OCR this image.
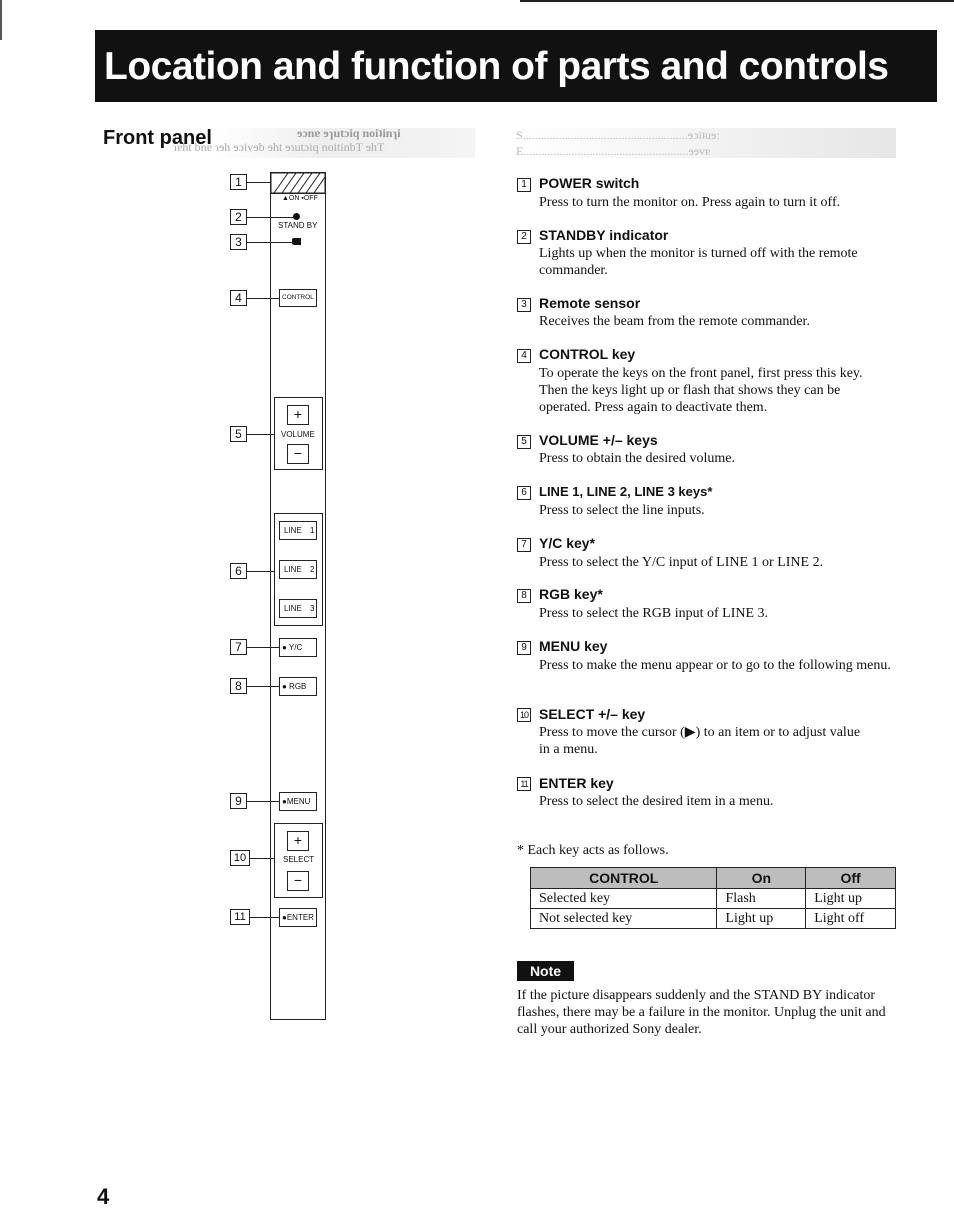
Location and function of parts and controls
ɘɔnɐ ɘɿutɔiq noiʇinɿi
ɿɐht bnɐ ɿɘh ɘɔivɘb ɘht ɘɿutɔiq noitinbT ɘhT
S.......................................................ɘɔiʇuɘ:
E.......................................................ɘɘvɐ
Front panel
▲ON ▪OFF
STAND BY
CONTROL
+
VOLUME
−
LINE 1
LINE 2
LINE 3
● Y/C
● RGB
●MENU
+
SELECT
−
●ENTER
1
2
3
4
5
6
7
8
9
10
11
1 POWER switch
Press to turn the monitor on. Press again to turn it off.
2 STANDBY indicator
Lights up when the monitor is turned off with the remote commander.
3 Remote sensor
Receives the beam from the remote commander.
4 CONTROL key
To operate the keys on the front panel, first press this key. Then the keys light up or flash that shows they can be operated. Press again to deactivate them.
5 VOLUME +/– keys
Press to obtain the desired volume.
6 LINE 1, LINE 2, LINE 3 keys*
Press to select the line inputs.
7 Y/C key*
Press to select the Y/C input of LINE 1 or LINE 2.
8 RGB key*
Press to select the RGB input of LINE 3.
9 MENU key
Press to make the menu appear or to go to the following menu.
10 SELECT +/– key
Press to move the cursor (▶) to an item or to adjust value in a menu.
11 ENTER key
Press to select the desired item in a menu.
* Each key acts as follows.
CONTROL	On	Off
Selected key	Flash	Light up
Not selected key	Light up	Light off
Note
If the picture disappears suddenly and the STAND BY indicator flashes, there may be a failure in the monitor. Unplug the unit and call your authorized Sony dealer.
4
